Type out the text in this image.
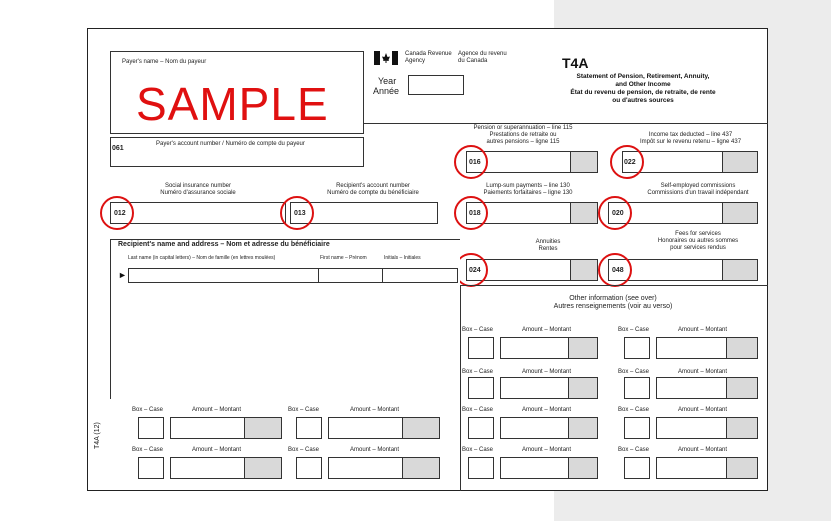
Payer's name – Nom du payeur
SAMPLE
Canada Revenue
Agency
Agence du revenu
du Canada
Year
Année
T4A
Statement of Pension, Retirement, Annuity,
and Other Income
État du revenu de pension, de retraite, de rente
ou d'autres sources
061
Payer's account number / Numéro de compte du payeur
Pension or superannuation – line 115
Prestations de retraite ou
autres pensions – ligne 115
016
Income tax deducted – line 437
Impôt sur le revenu retenu – ligne 437
022
Social insurance number
Numéro d'assurance sociale
012
Recipient's account number
Numéro de compte du bénéficiaire
013
Lump-sum payments – line 130
Paiements forfaitaires – ligne 130
018
Self-employed commissions
Commissions d'un travail indépendant
020
Annuities
Rentes
024
Fees for services
Honoraires ou autres sommes
pour services rendus
048
Recipient's name and address – Nom et adresse du bénéficiaire
Last name (in capital letters) – Nom de famille (en lettres moulées)	First name – Prénom	Initials – Initiales
►
Other information (see over)
Autres renseignements (voir au verso)
Box – Case	Amount – Montant	Box – Case	Amount – Montant
Box – Case	Amount – Montant	Box – Case	Amount – Montant
T4A (12)
Box – Case	Amount – Montant	Box – Case	Amount – Montant	Box – Case	Amount – Montant	Box – Case	Amount – Montant
Box – Case	Amount – Montant	Box – Case	Amount – Montant	Box – Case	Amount – Montant	Box – Case	Amount – Montant
